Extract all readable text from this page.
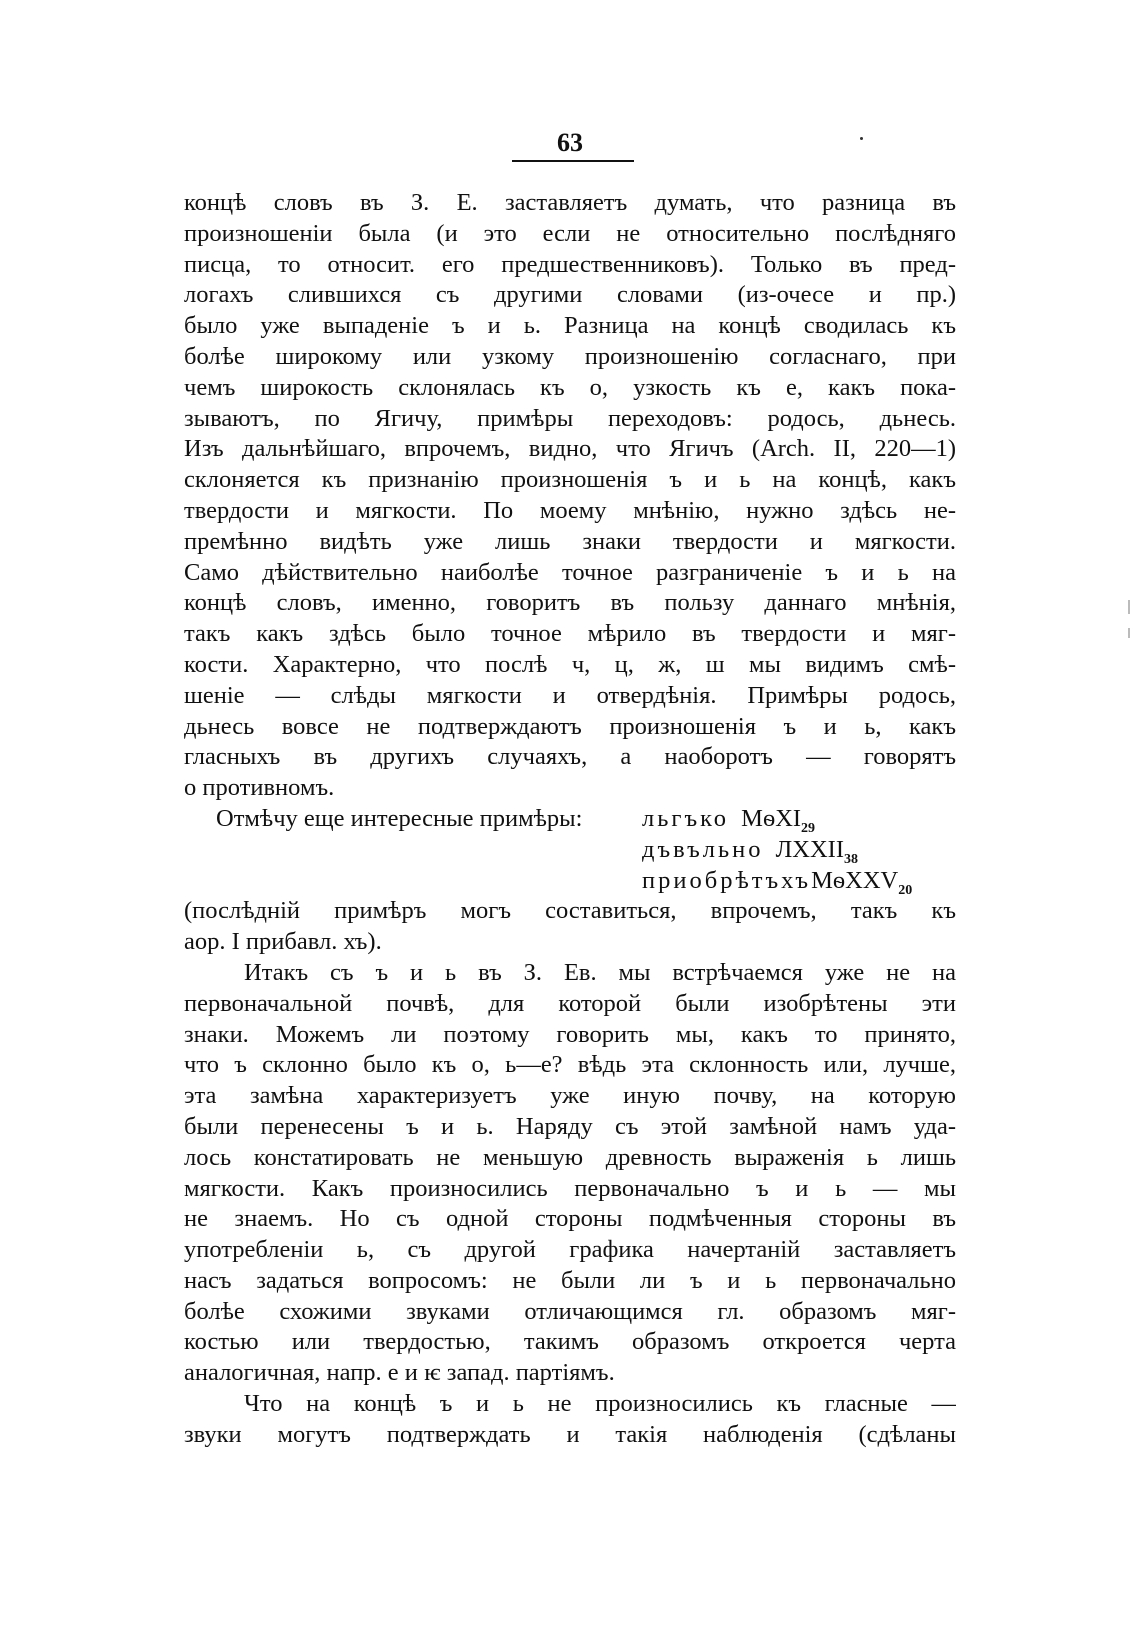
63
концѣ словъ въ З. Е. заставляетъ думать, что разница въ
произношеніи была (и это если не относительно послѣдняго
писца, то относит. его предшественниковъ). Только въ пред-
логахъ слившихся съ другими словами (из-очесе и пр.)
было уже выпаденіе ъ и ь. Разница на концѣ сводилась къ
болѣе широкому или узкому произношенію согласнаго, при
чемъ широкость склонялась къ о, узкость къ е, какъ пока-
зываютъ, по Ягичу, примѣры переходовъ: родось, дьнесь.
Изъ дальнѣйшаго, впрочемъ, видно, что Ягичъ (Arch. II, 220—1)
склоняется къ признанію произношенія ъ и ь на концѣ, какъ
твердости и мягкости. По моему мнѣнію, нужно здѣсь не-
премѣнно видѣть уже лишь знаки твердости и мягкости.
Само дѣйствительно наиболѣе точное разграниченіе ъ и ь на
концѣ словъ, именно, говоритъ въ пользу даннаго мнѣнія,
такъ какъ здѣсь было точное мѣрило въ твердости и мяг-
кости. Характерно, что послѣ ч, ц, ж, ш мы видимъ смѣ-
шеніе — слѣды мягкости и отвердѣнія. Примѣры родось,
дьнесь вовсе не подтверждаютъ произношенія ъ и ь, какъ
гласныхъ въ другихъ случаяхъ, а наоборотъ — говорятъ
о противномъ.
Отмѣчу еще интересные примѣры: льгъко МѳXI$_{29}$
дъвъльно $ЛXXII_{38}$
приобрѣтъхъМѳXXV$_{20}$
(послѣдній примѣръ могъ составиться, впрочемъ, такъ къ
аор. I прибавл. хъ).
Итакъ съ ъ и ь въ З. Ев. мы встрѣчаемся уже не на
первоначальной почвѣ, для которой были изобрѣтены эти
знаки. Можемъ ли поэтому говорить мы, какъ то принято,
что ъ склонно было къ о, ь—е? вѣдь эта склонность или, лучше,
эта замѣна характеризуетъ уже иную почву, на которую
были перенесены ъ и ь. Наряду съ этой замѣной намъ уда-
лось констатировать не меньшую древность выраженія ь лишь
мягкости. Какъ произносились первоначально ъ и ь — мы
не знаемъ. Но съ одной стороны подмѣченныя стороны въ
употребленіи ь, съ другой графика начертаній заставляетъ
насъ задаться вопросомъ: не были ли ъ и ь первоначально
болѣе схожими звуками отличающимся гл. образомъ мяг-
костью или твердостью, такимъ образомъ откроется черта
аналогичная, напр. е и ѥ запад. партіямъ.
Что на концѣ ъ и ь не произносились къ гласные —
звуки могутъ подтверждать и такія наблюденія (сдѣланы
